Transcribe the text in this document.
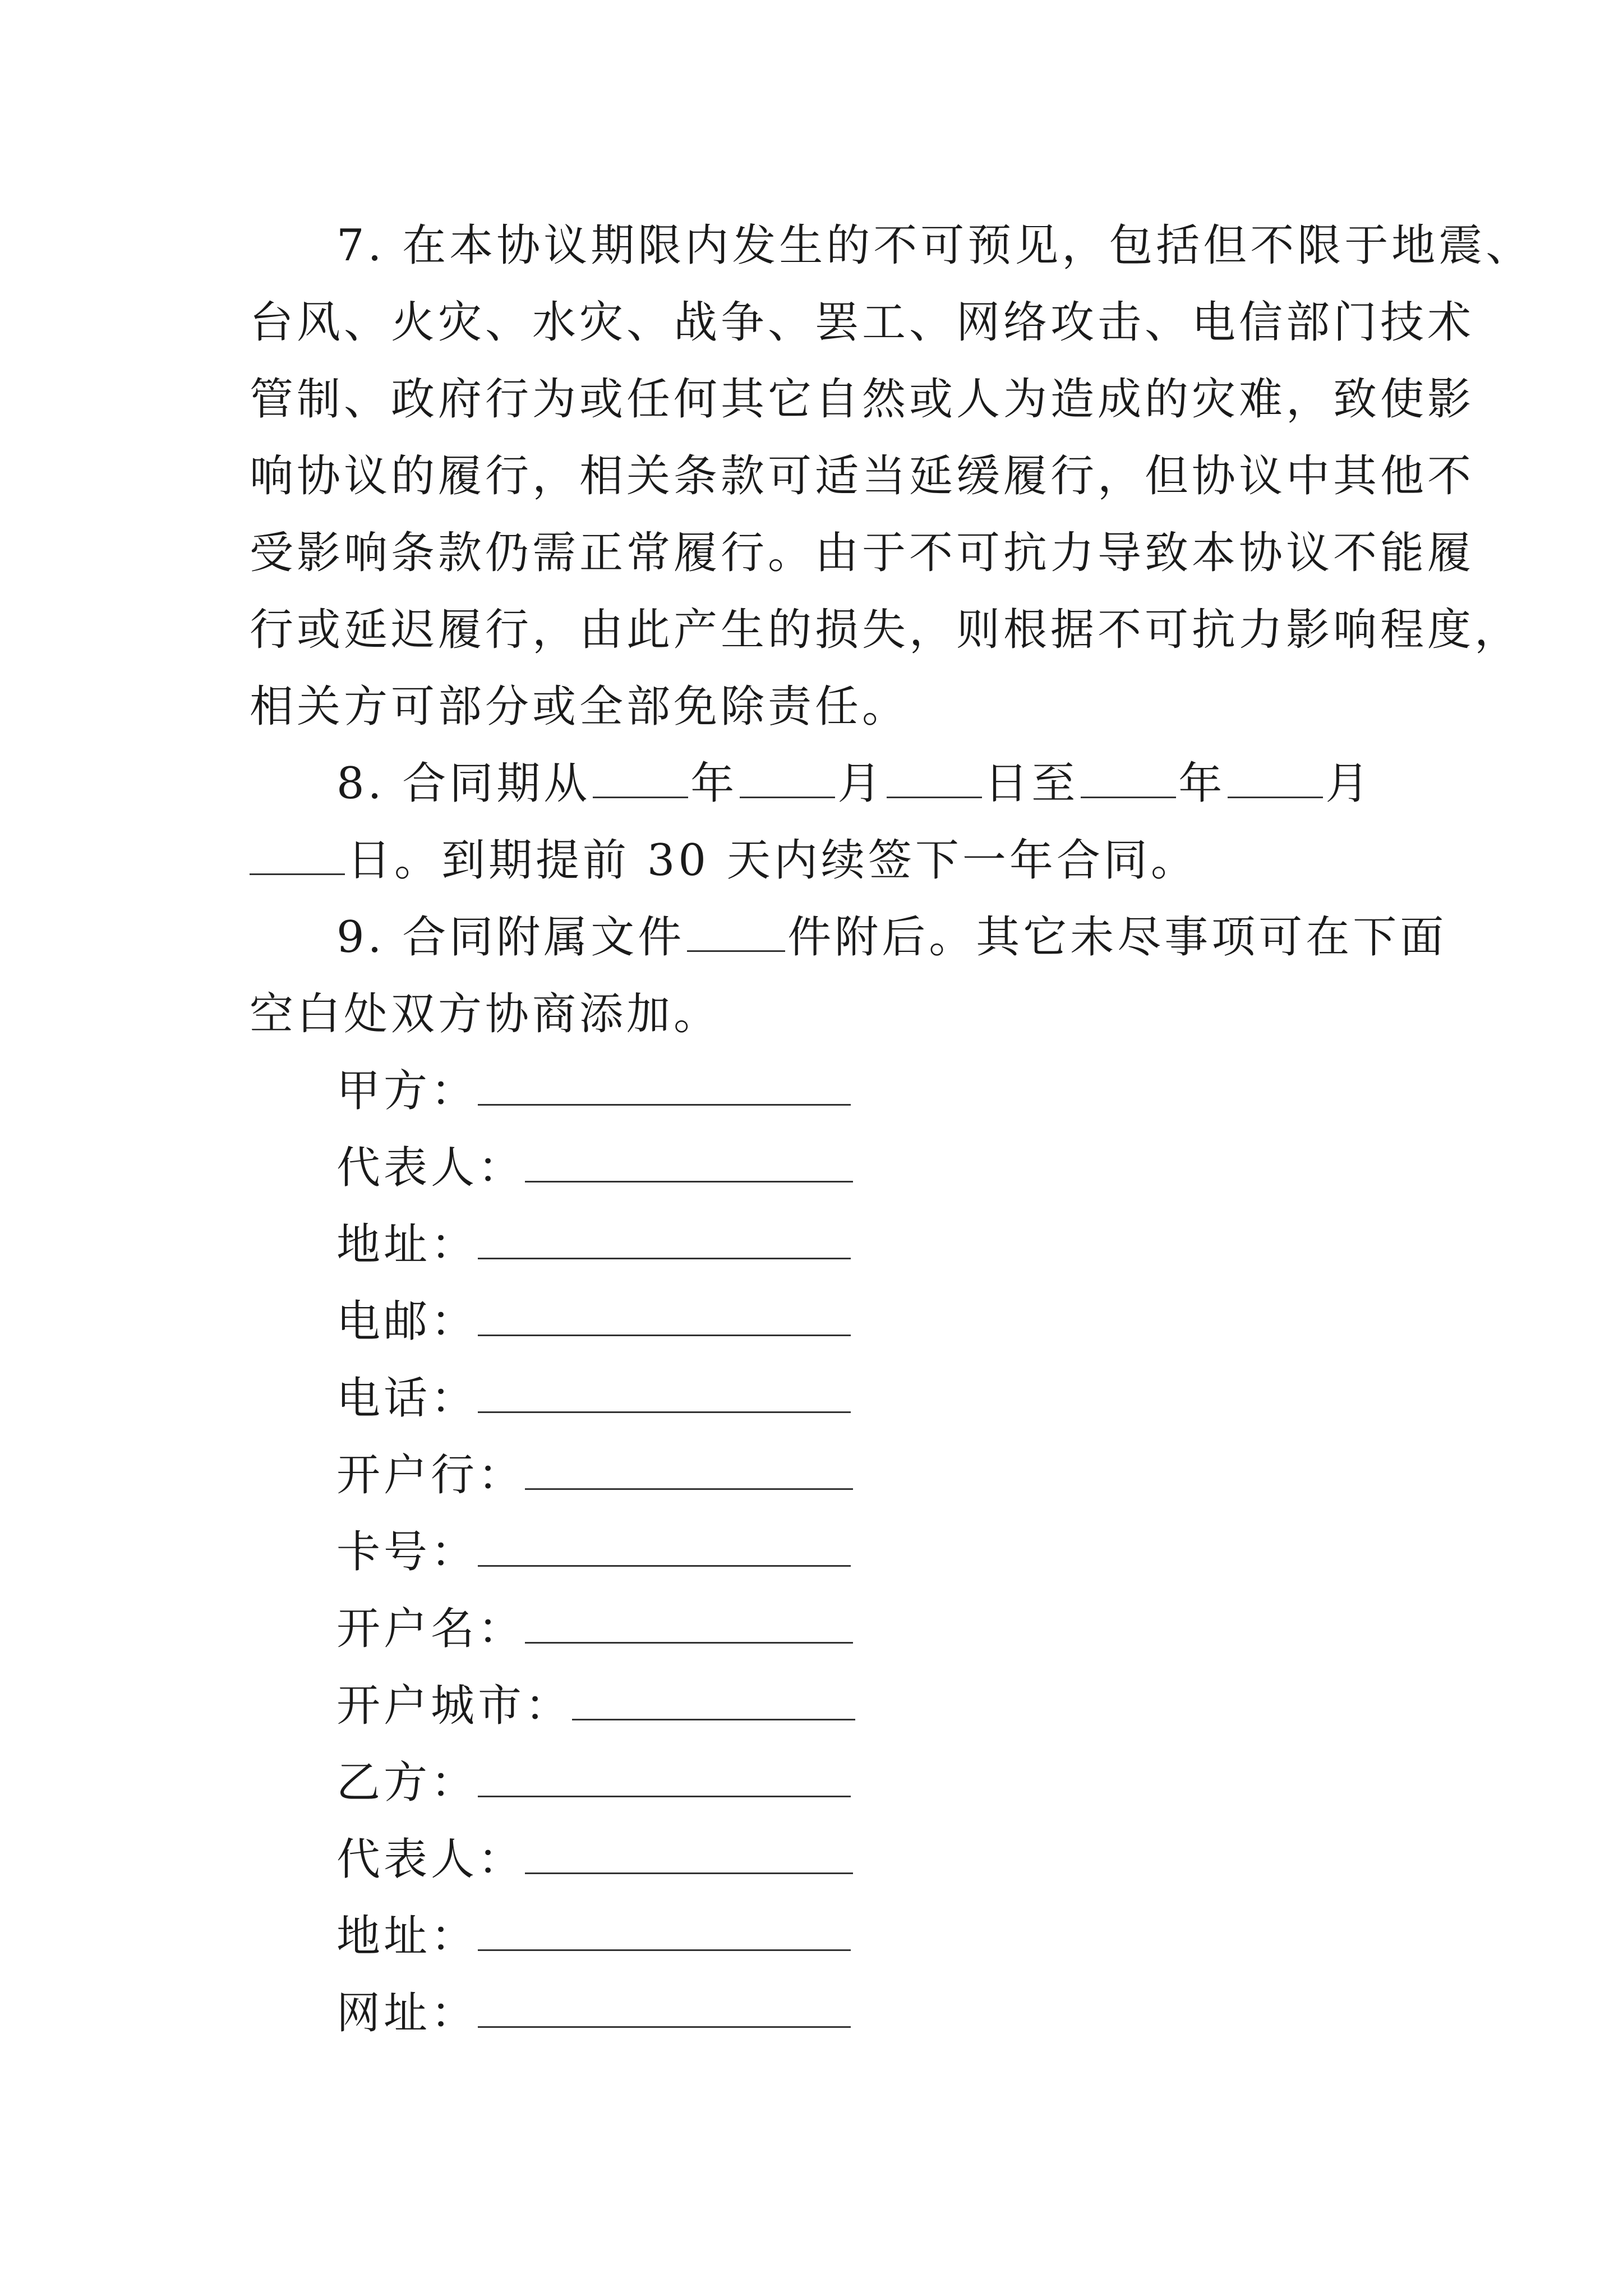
7. 在本协议期限内发生的不可预见，包括但不限于地震、
台风、火灾、水灾、战争、罢工、网络攻击、电信部门技术
管制、政府行为或任何其它自然或人为造成的灾难，致使影
响协议的履行，相关条款可适当延缓履行，但协议中其他不
受影响条款仍需正常履行。由于不可抗力导致本协议不能履
行或延迟履行，由此产生的损失，则根据不可抗力影响程度，
相关方可部分或全部免除责任。
8. 合同期从 年 月 日至 年 月
日。到期提前 30 天内续签下一年合同。
9. 合同附属文件 件附后。其它未尽事项可在下面
空白处双方协商添加。
甲方：
代表人：
地址：
电邮：
电话：
开户行：
卡号：
开户名：
开户城市：
乙方：
代表人：
地址：
网址：
